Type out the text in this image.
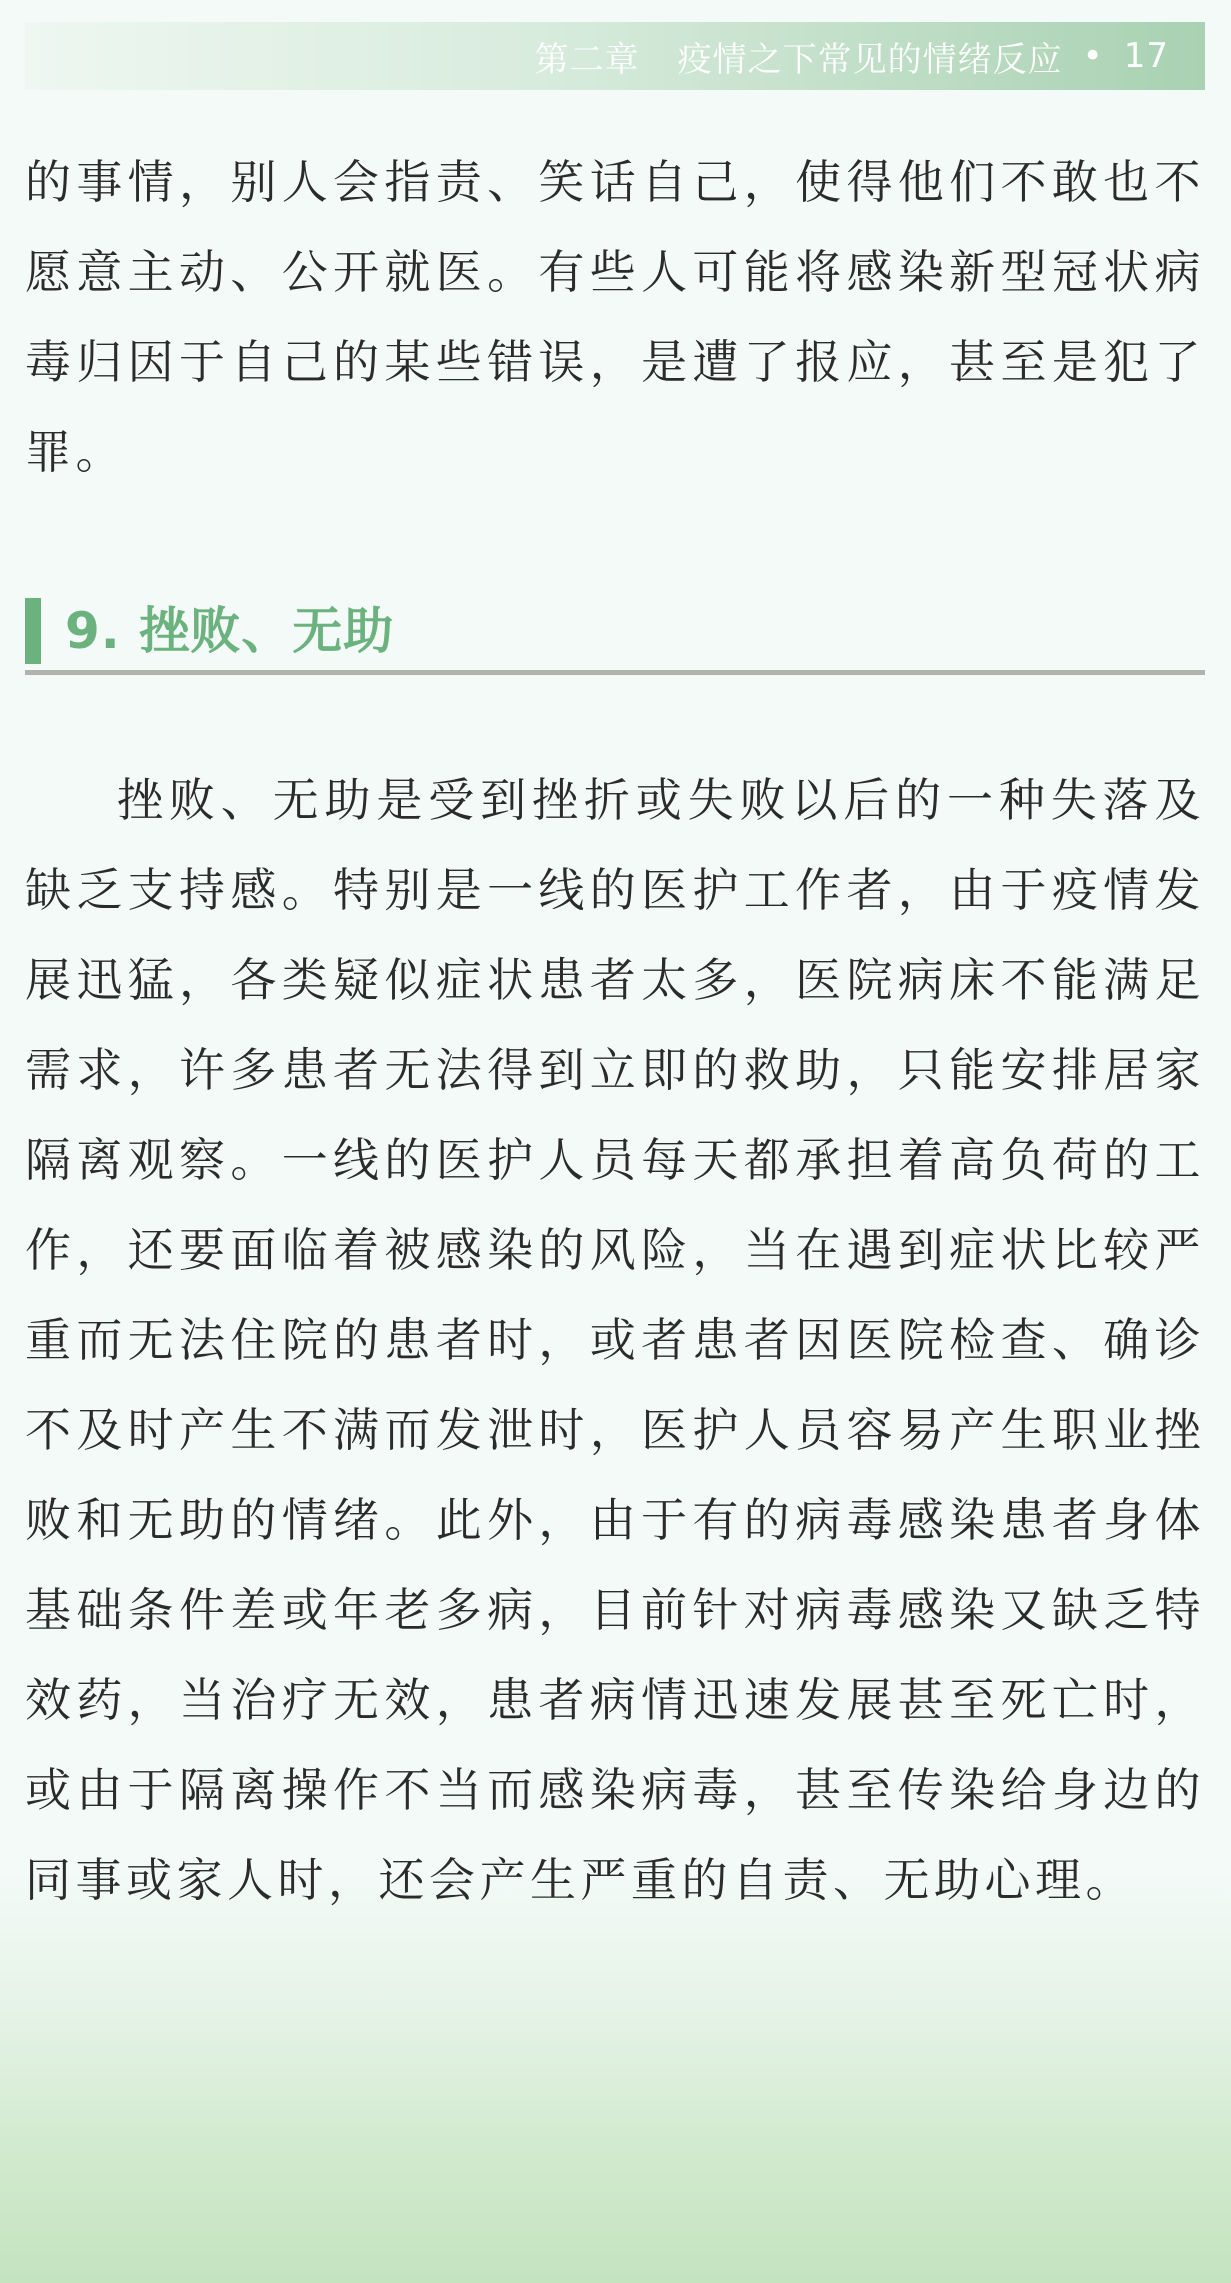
第二章 疫情之下常见的情绪反应 • 17

的事情，别人会指责、笑话自己，使得他们不敢也不愿意主动、公开就医。有些人可能将感染新型冠状病毒归因于自己的某些错误，是遭了报应，甚至是犯了罪。

9. 挫败、无助

挫败、无助是受到挫折或失败以后的一种失落及缺乏支持感。特别是一线的医护工作者，由于疫情发展迅猛，各类疑似症状患者太多，医院病床不能满足需求，许多患者无法得到立即的救助，只能安排居家隔离观察。一线的医护人员每天都承担着高负荷的工作，还要面临着被感染的风险，当在遇到症状比较严重而无法住院的患者时，或者患者因医院检查、确诊不及时产生不满而发泄时，医护人员容易产生职业挫败和无助的情绪。此外，由于有的病毒感染患者身体基础条件差或年老多病，目前针对病毒感染又缺乏特效药，当治疗无效，患者病情迅速发展甚至死亡时，或由于隔离操作不当而感染病毒，甚至传染给身边的同事或家人时，还会产生严重的自责、无助心理。
